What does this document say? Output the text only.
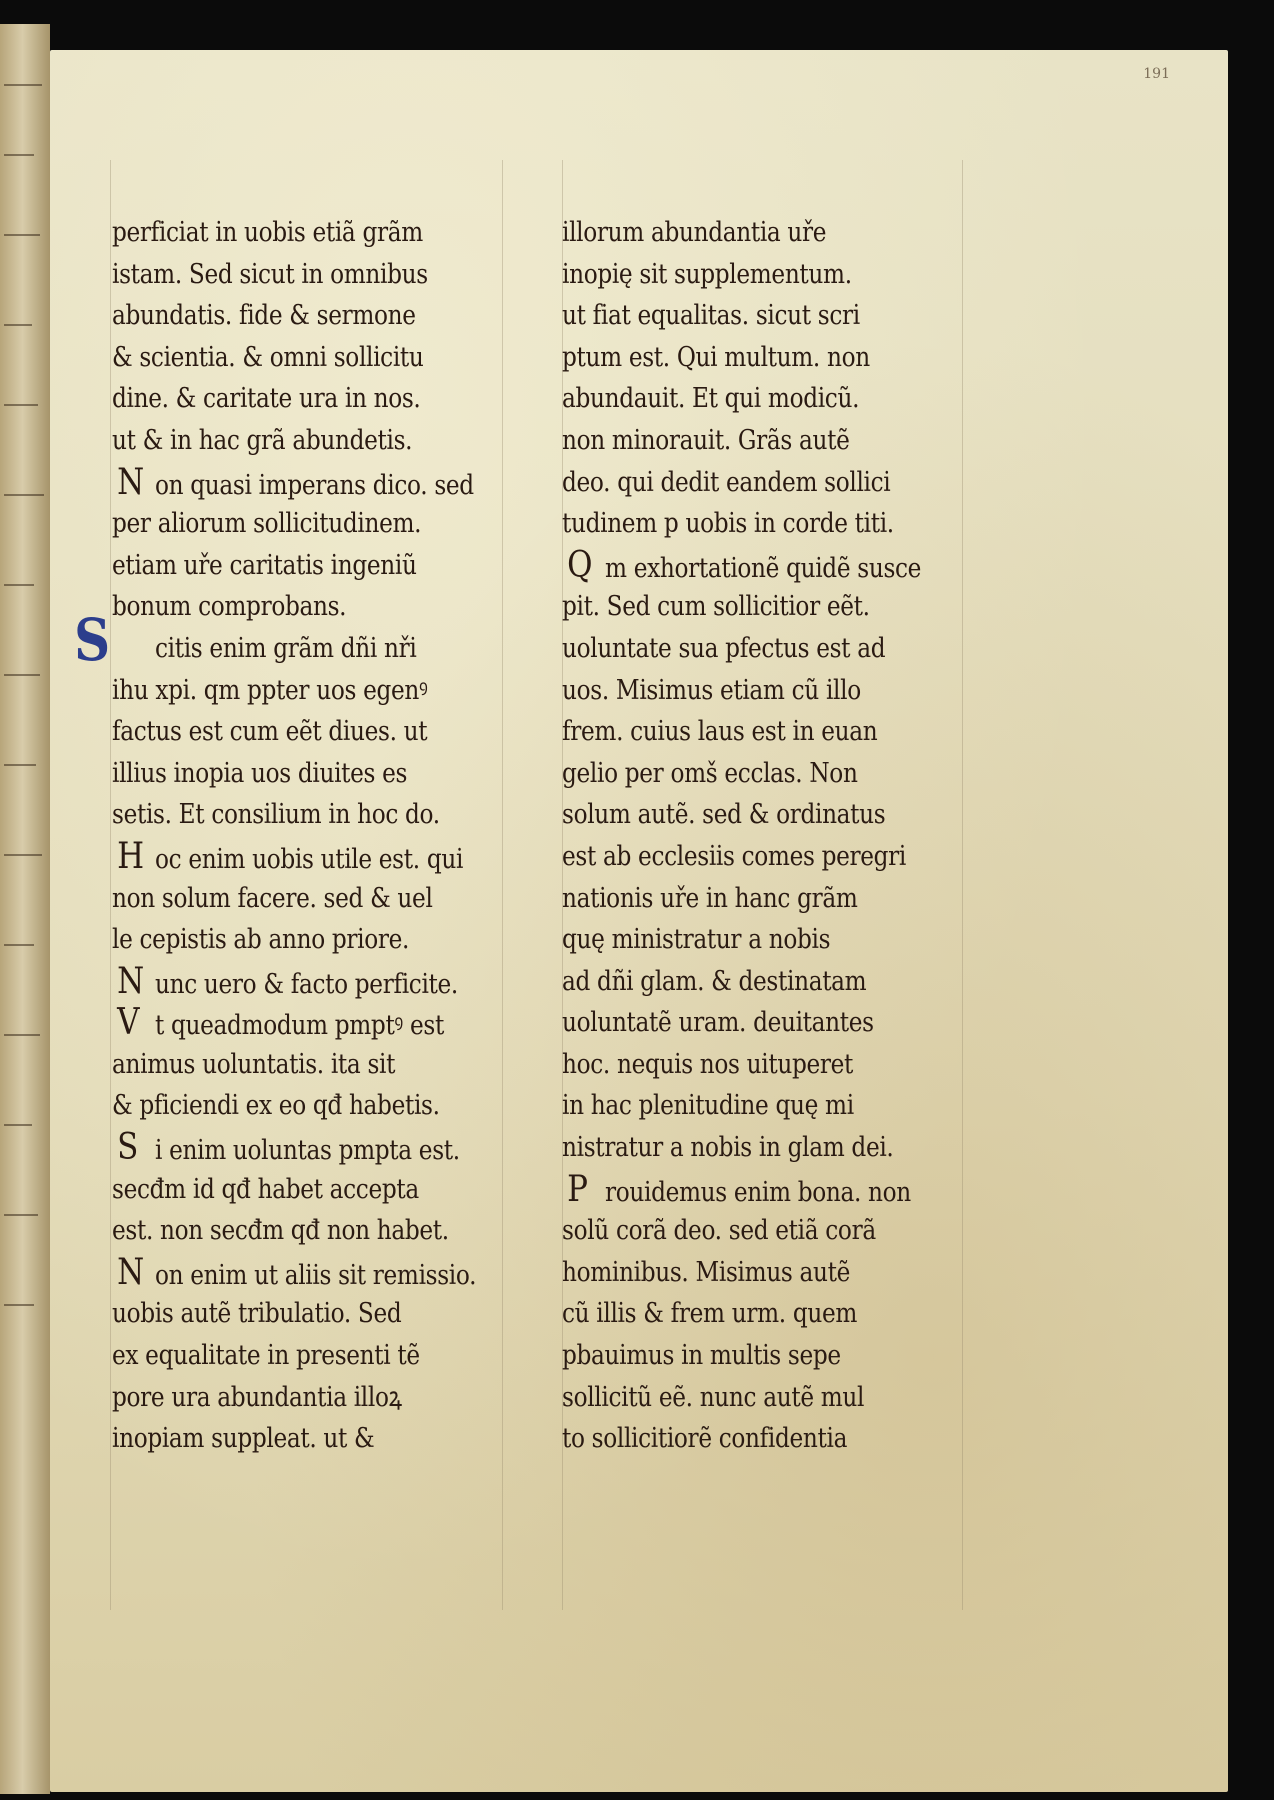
191
perficiat in uobis etiã grãm
istam. Sed sicut in omnibus
abundatis. fide & sermone
& scientia. & omni sollicitu
dine. & caritate ura in nos.
ut & in hac grã abundetis.
N on quasi imperans dico. sed
per aliorum sollicitudinem.
etiam uře caritatis ingeniũ
bonum comprobans.
S citis enim grãm dñi nři
ihu xpi. qm ppter uos egenꝰ
factus est cum eẽt diues. ut
illius inopia uos diuites es
setis. Et consilium in hoc do.
H oc enim uobis utile est. qui
non solum facere. sed & uel
le cepistis ab anno priore.
N unc uero & facto perficite.
V t queadmodum pmptꝰ est
animus uoluntatis. ita sit
& pficiendi ex eo qđ habetis.
S i enim uoluntas pmpta est.
secđm id qđ habet accepta
est. non secđm qđ non habet.
N on enim ut aliis sit remissio.
uobis autẽ tribulatio. Sed
ex equalitate in presenti tẽ
pore ura abundantia illoꝝ
inopiam suppleat. ut &
illorum abundantia uře
inopię sit supplementum.
ut fiat equalitas. sicut scri
ptum est. Qui multum. non
abundauit. Et qui modicũ.
non minorauit. Grãs autẽ
deo. qui dedit eandem sollici
tudinem p uobis in corde titi.
Q m exhortationẽ quidẽ susce
pit. Sed cum sollicitior eẽt.
uoluntate sua pfectus est ad
uos. Misimus etiam cũ illo
frem. cuius laus est in euan
gelio per omš ecclas. Non
solum autẽ. sed & ordinatus
est ab ecclesiis comes peregri
nationis uře in hanc grãm
quę ministratur a nobis
ad dñi glam. & destinatam
uoluntatẽ uram. deuitantes
hoc. nequis nos uituperet
in hac plenitudine quę mi
nistratur a nobis in glam dei.
P rouidemus enim bona. non
solũ corã deo. sed etiã corã
hominibus. Misimus autẽ
cũ illis & frem urm. quem
pbauimus in multis sepe
sollicitũ eẽ. nunc autẽ mul
to sollicitiorẽ confidentia
